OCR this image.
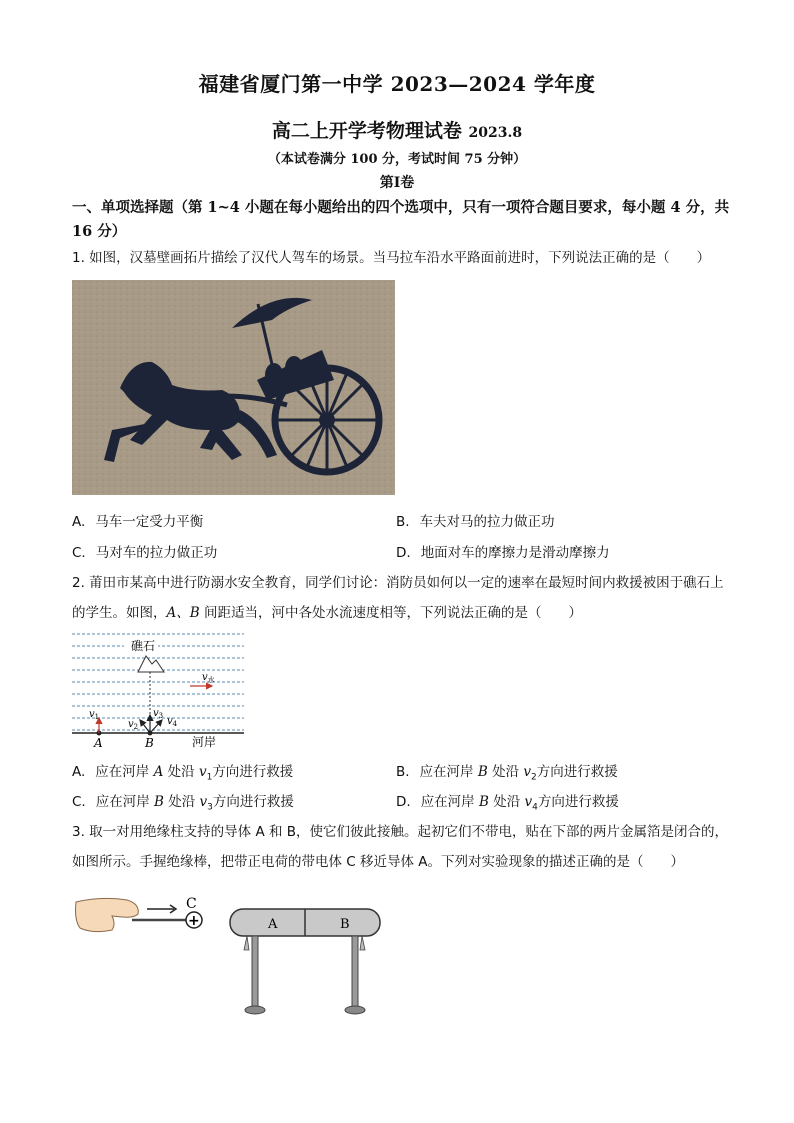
福建省厦门第一中学 2023—2024 学年度
高二上开学考物理试卷 2023.8
（本试卷满分 100 分，考试时间 75 分钟）
第Ⅰ卷
一、单项选择题（第 1~4 小题在每小题给出的四个选项中，只有一项符合题目要求，每小题 4 分，共 16 分）
1. 如图，汉墓壁画拓片描绘了汉代人驾车的场景。当马拉车沿水平路面前进时，下列说法正确的是（　　）
A. 马车一定受力平衡	B. 车夫对马的拉力做正功
C. 马对车的拉力做正功	D. 地面对车的摩擦力是滑动摩擦力
2. 莆田市某高中进行防溺水安全教育，同学们讨论：消防员如何以一定的速率在最短时间内救援被困于礁石上的学生。如图，A、B 间距适当，河中各处水流速度相等，下列说法正确的是（　　）
礁石
$v_水$
$v_1$
A
$v_3$
$v_2$	$v_4$
B	河岸
A. 应在河岸 A 处沿 $v_1$方向进行救援	B. 应在河岸 B 处沿 $v_2$方向进行救援
C. 应在河岸 B 处沿 $v_3$方向进行救援	D. 应在河岸 B 处沿 $v_4$方向进行救援
3. 取一对用绝缘柱支持的导体 A 和 B，使它们彼此接触。起初它们不带电，贴在下部的两片金属箔是闭合的，如图所示。手握绝缘棒，把带正电荷的带电体 C 移近导体 A。下列对实验现象的描述正确的是（　　）
C
+	A	B
